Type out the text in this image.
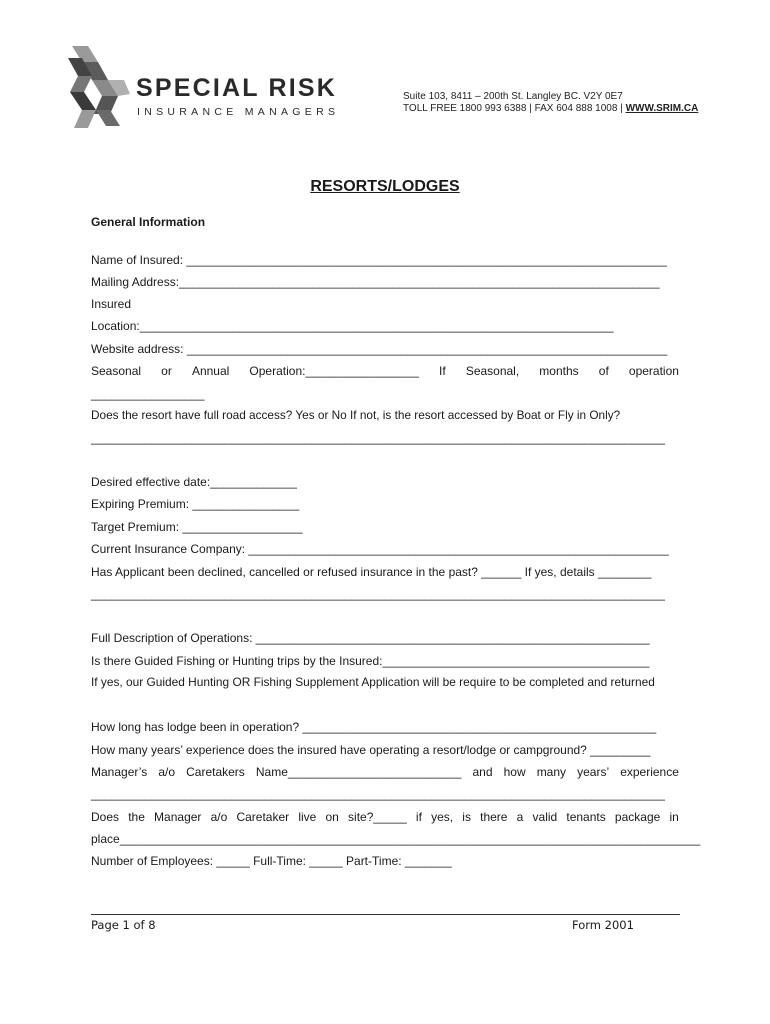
SPECIAL RISK
INSURANCE MANAGERS
Suite 103, 8411 – 200th St. Langley BC. V2Y 0E7
TOLL FREE 1800 993 6388 | FAX 604 888 1008 | WWW.SRIM.CA
RESORTS/LODGES
General Information
Name of Insured: ________________________________________________________________________
Mailing Address:________________________________________________________________________
Insured
Location:_______________________________________________________________________
Website address: ________________________________________________________________________
Seasonal or Annual Operation:_________________ If Seasonal, months of operation
_________________
Does the resort have full road access? Yes or No If not, is the resort accessed by Boat or Fly in Only?
______________________________________________________________________________________
Desired effective date:_____________
Expiring Premium: ________________
Target Premium: __________________
Current Insurance Company: _______________________________________________________________
Has Applicant been declined, cancelled or refused insurance in the past? ______ If yes, details ________
______________________________________________________________________________________
Full Description of Operations: ___________________________________________________________
Is there Guided Fishing or Hunting trips by the Insured:________________________________________
If yes, our Guided Hunting OR Fishing Supplement Application will be require to be completed and returned
How long has lodge been in operation? _____________________________________________________
How many years’ experience does the insured have operating a resort/lodge or campground? _________
Manager’s a/o Caretakers Name__________________________ and how many years’ experience
______________________________________________________________________________________
Does the Manager a/o Caretaker live on site?_____ if yes, is there a valid tenants package in
place_______________________________________________________________________________________
Number of Employees: _____ Full-Time: _____ Part-Time: _______
Page 1 of 8	Form 2001
